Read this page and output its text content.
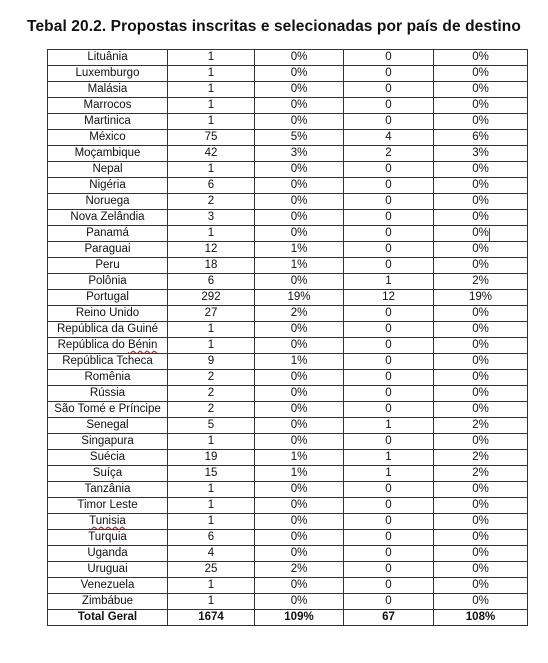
Tebal 20.2. Propostas inscritas e selecionadas por país de destino
Lituânia	1	0%	0	0%
Luxemburgo	1	0%	0	0%
Malásia	1	0%	0	0%
Marrocos	1	0%	0	0%
Martinica	1	0%	0	0%
México	75	5%	4	6%
Moçambique	42	3%	2	3%
Nepal	1	0%	0	0%
Nigéria	6	0%	0	0%
Noruega	2	0%	0	0%
Nova Zelândia	3	0%	0	0%
Panamá	1	0%	0	0%
Paraguai	12	1%	0	0%
Peru	18	1%	0	0%
Polônia	6	0%	1	2%
Portugal	292	19%	12	19%
Reino Unido	27	2%	0	0%
República da Guiné	1	0%	0	0%
República do Bénin	1	0%	0	0%
República Tcheca	9	1%	0	0%
Romênia	2	0%	0	0%
Rússia	2	0%	0	0%
São Tomé e Príncipe	2	0%	0	0%
Senegal	5	0%	1	2%
Singapura	1	0%	0	0%
Suécia	19	1%	1	2%
Suíça	15	1%	1	2%
Tanzânia	1	0%	0	0%
Timor Leste	1	0%	0	0%
Tunisia	1	0%	0	0%
Turquia	6	0%	0	0%
Uganda	4	0%	0	0%
Uruguai	25	2%	0	0%
Venezuela	1	0%	0	0%
Zimbábue	1	0%	0	0%
Total Geral	1674	109%	67	108%
